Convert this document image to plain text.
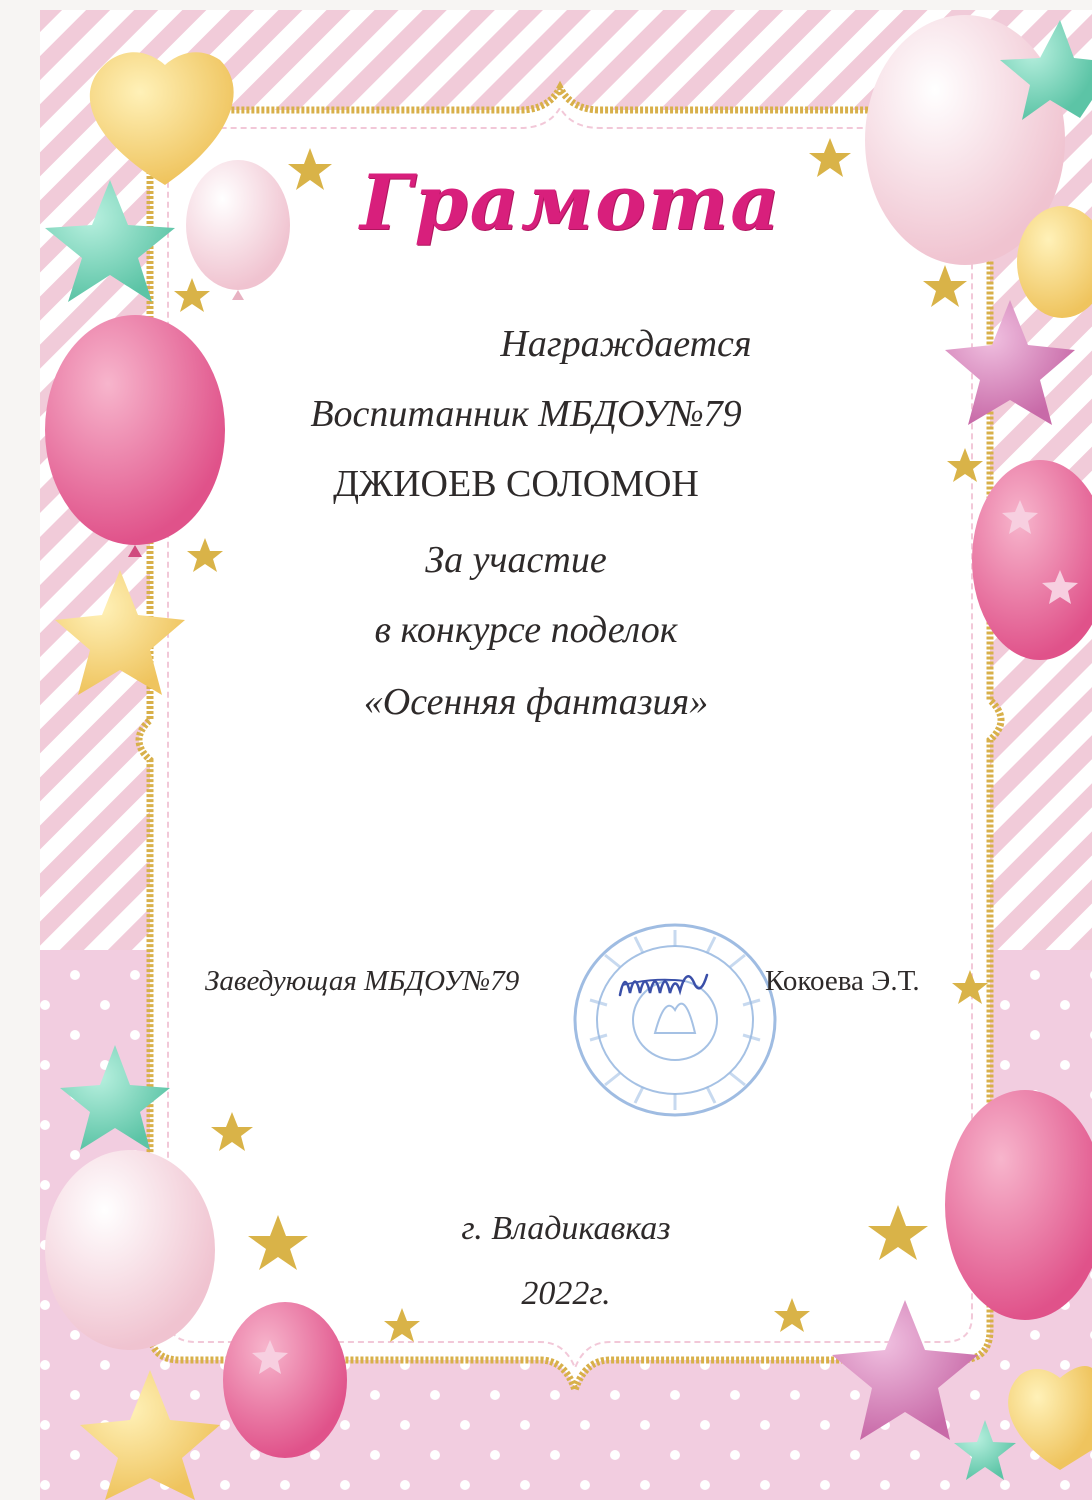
Грамота

Награждается

Воспитанник МБДОУ№79

ДЖИОЕВ СОЛОМОН

За участие

в конкурсе поделок

«Осенняя фантазия»

Заведующая МБДОУ№79	Кокоева Э.Т.

г. Владикавказ

2022г.
